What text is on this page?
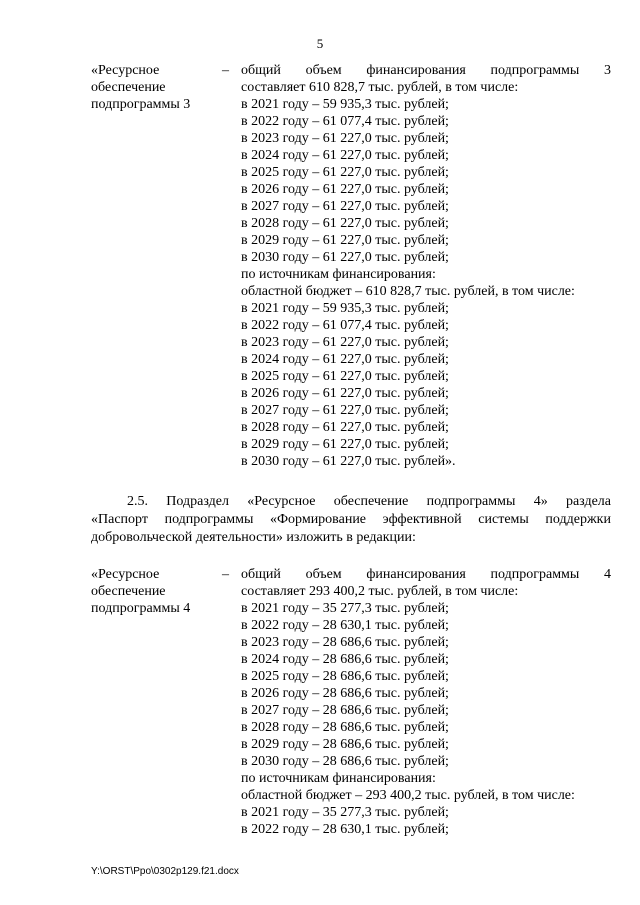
5
«Ресурсное
обеспечение
подпрограммы 3
– общий объем финансирования подпрограммы 3
составляет 610 828,7 тыс. рублей, в том числе:
в 2021 году – 59 935,3 тыс. рублей;
в 2022 году – 61 077,4 тыс. рублей;
в 2023 году – 61 227,0 тыс. рублей;
в 2024 году – 61 227,0 тыс. рублей;
в 2025 году – 61 227,0 тыс. рублей;
в 2026 году – 61 227,0 тыс. рублей;
в 2027 году – 61 227,0 тыс. рублей;
в 2028 году – 61 227,0 тыс. рублей;
в 2029 году – 61 227,0 тыс. рублей;
в 2030 году – 61 227,0 тыс. рублей;
по источникам финансирования:
областной бюджет – 610 828,7 тыс. рублей, в том числе:
в 2021 году – 59 935,3 тыс. рублей;
в 2022 году – 61 077,4 тыс. рублей;
в 2023 году – 61 227,0 тыс. рублей;
в 2024 году – 61 227,0 тыс. рублей;
в 2025 году – 61 227,0 тыс. рублей;
в 2026 году – 61 227,0 тыс. рублей;
в 2027 году – 61 227,0 тыс. рублей;
в 2028 году – 61 227,0 тыс. рублей;
в 2029 году – 61 227,0 тыс. рублей;
в 2030 году – 61 227,0 тыс. рублей».
2.5. Подраздел «Ресурсное обеспечение подпрограммы 4» раздела
«Паспорт подпрограммы «Формирование эффективной системы поддержки
добровольческой деятельности» изложить в редакции:
«Ресурсное
обеспечение
подпрограммы 4
– общий объем финансирования подпрограммы 4
составляет 293 400,2 тыс. рублей, в том числе:
в 2021 году – 35 277,3 тыс. рублей;
в 2022 году – 28 630,1 тыс. рублей;
в 2023 году – 28 686,6 тыс. рублей;
в 2024 году – 28 686,6 тыс. рублей;
в 2025 году – 28 686,6 тыс. рублей;
в 2026 году – 28 686,6 тыс. рублей;
в 2027 году – 28 686,6 тыс. рублей;
в 2028 году – 28 686,6 тыс. рублей;
в 2029 году – 28 686,6 тыс. рублей;
в 2030 году – 28 686,6 тыс. рублей;
по источникам финансирования:
областной бюджет – 293 400,2 тыс. рублей, в том числе:
в 2021 году – 35 277,3 тыс. рублей;
в 2022 году – 28 630,1 тыс. рублей;
Y:\ORST\Ppo\0302p129.f21.docx
